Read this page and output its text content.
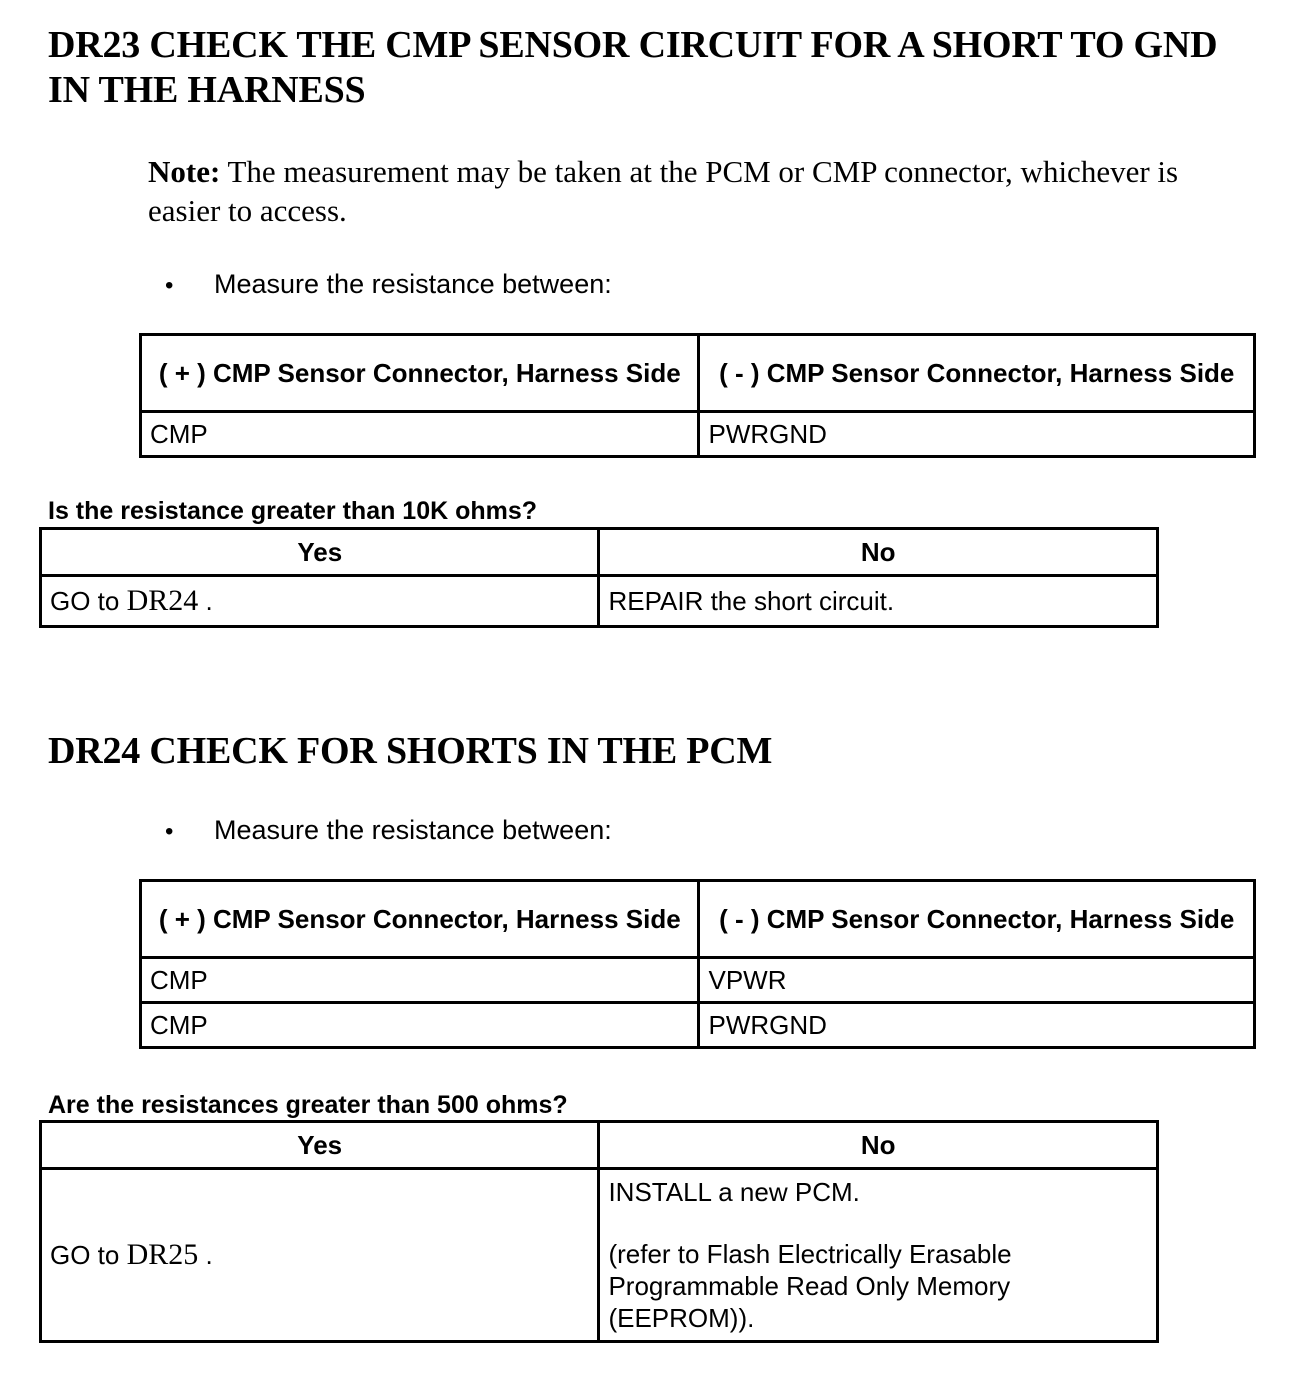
DR23 CHECK THE CMP SENSOR CIRCUIT FOR A SHORT TO GND IN THE HARNESS
Note: The measurement may be taken at the PCM or CMP connector, whichever is easier to access.
• Measure the resistance between:
( + ) CMP Sensor Connector, Harness Side	( - ) CMP Sensor Connector, Harness Side
CMP	PWRGND
Is the resistance greater than 10K ohms?
Yes	No
GO to DR24 .	REPAIR the short circuit.
DR24 CHECK FOR SHORTS IN THE PCM
• Measure the resistance between:
( + ) CMP Sensor Connector, Harness Side	( - ) CMP Sensor Connector, Harness Side
CMP	VPWR
CMP	PWRGND
Are the resistances greater than 500 ohms?
Yes	No
GO to DR25 .	INSTALL a new PCM.
(refer to Flash Electrically Erasable Programmable Read Only Memory (EEPROM)).
